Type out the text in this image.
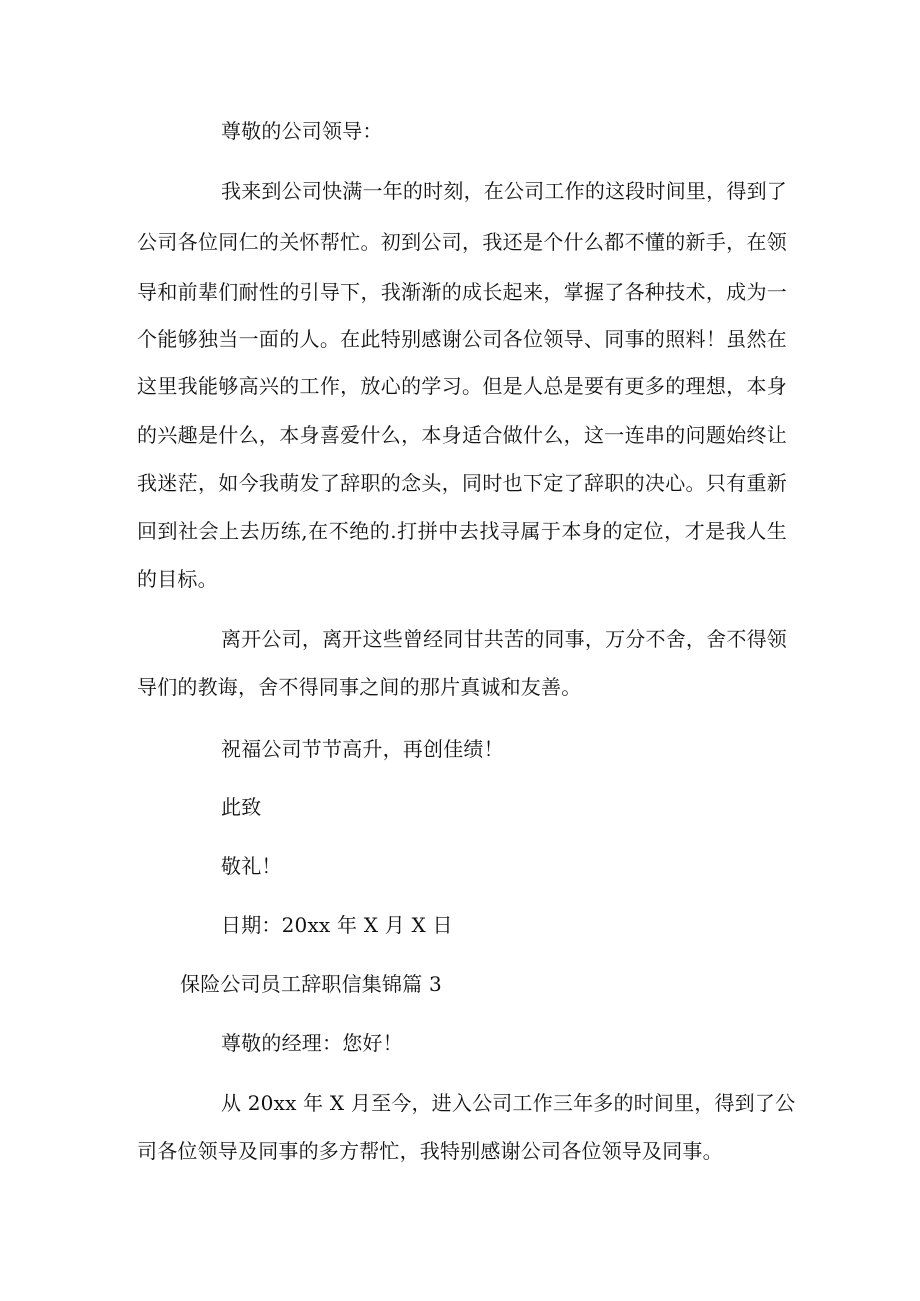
尊敬的公司领导：
我来到公司快满一年的时刻，在公司工作的这段时间里，得到了
公司各位同仁的关怀帮忙。初到公司，我还是个什么都不懂的新手，在领
导和前辈们耐性的引导下，我渐渐的成长起来，掌握了各种技术，成为一
个能够独当一面的人。在此特别感谢公司各位领导、同事的照料！虽然在
这里我能够高兴的工作，放心的学习。但是人总是要有更多的理想，本身
的兴趣是什么，本身喜爱什么，本身适合做什么，这一连串的问题始终让
我迷茫，如今我萌发了辞职的念头，同时也下定了辞职的决心。只有重新
回到社会上去历练,在不绝的.打拼中去找寻属于本身的定位，才是我人生
的目标。
离开公司，离开这些曾经同甘共苦的同事，万分不舍，舍不得领
导们的教诲，舍不得同事之间的那片真诚和友善。
祝福公司节节高升，再创佳绩！
此致
敬礼！
日期：20xx 年 X 月 X 日
保险公司员工辞职信集锦篇 3
尊敬的经理：您好！
从 20xx 年 X 月至今，进入公司工作三年多的时间里，得到了公
司各位领导及同事的多方帮忙，我特别感谢公司各位领导及同事。
